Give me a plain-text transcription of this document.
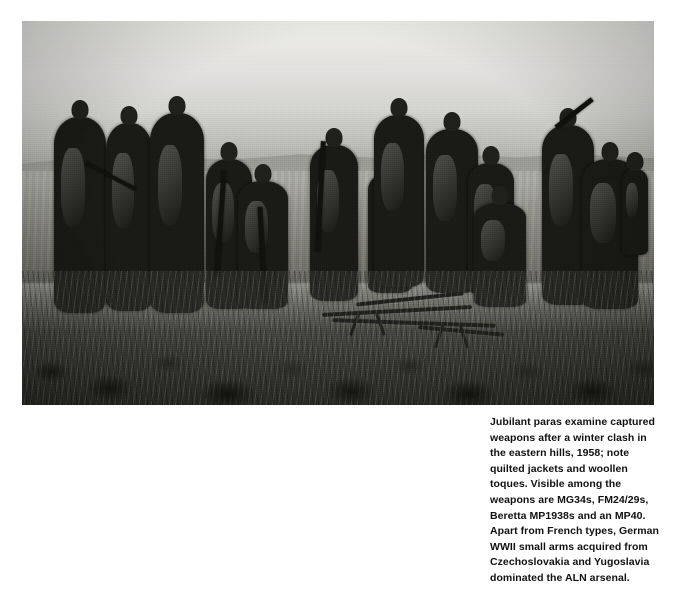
Jubilant paras examine captured weapons after a winter clash in the eastern hills, 1958; note quilted jackets and woollen toques. Visible among the weapons are MG34s, FM24/29s, Beretta MP1938s and an MP40. Apart from French types, German WWII small arms acquired from Czechoslovakia and Yugoslavia dominated the ALN arsenal.
